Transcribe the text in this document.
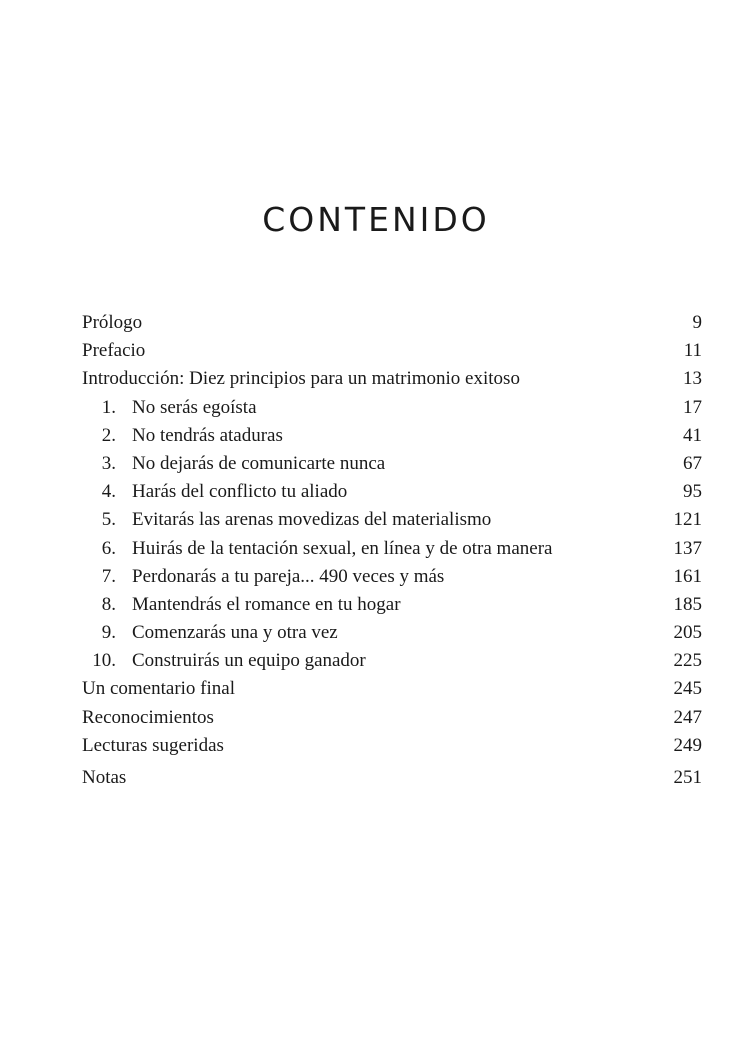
CONTENIDO
Prólogo	9
Prefacio	11
Introducción: Diez principios para un matrimonio exitoso	13
1. No serás egoísta	17
2. No tendrás ataduras	41
3. No dejarás de comunicarte nunca	67
4. Harás del conflicto tu aliado	95
5. Evitarás las arenas movedizas del materialismo	121
6. Huirás de la tentación sexual, en línea y de otra manera	137
7. Perdonarás a tu pareja... 490 veces y más	161
8. Mantendrás el romance en tu hogar	185
9. Comenzarás una y otra vez	205
10. Construirás un equipo ganador	225
Un comentario final	245
Reconocimientos	247
Lecturas sugeridas	249
Notas	251
